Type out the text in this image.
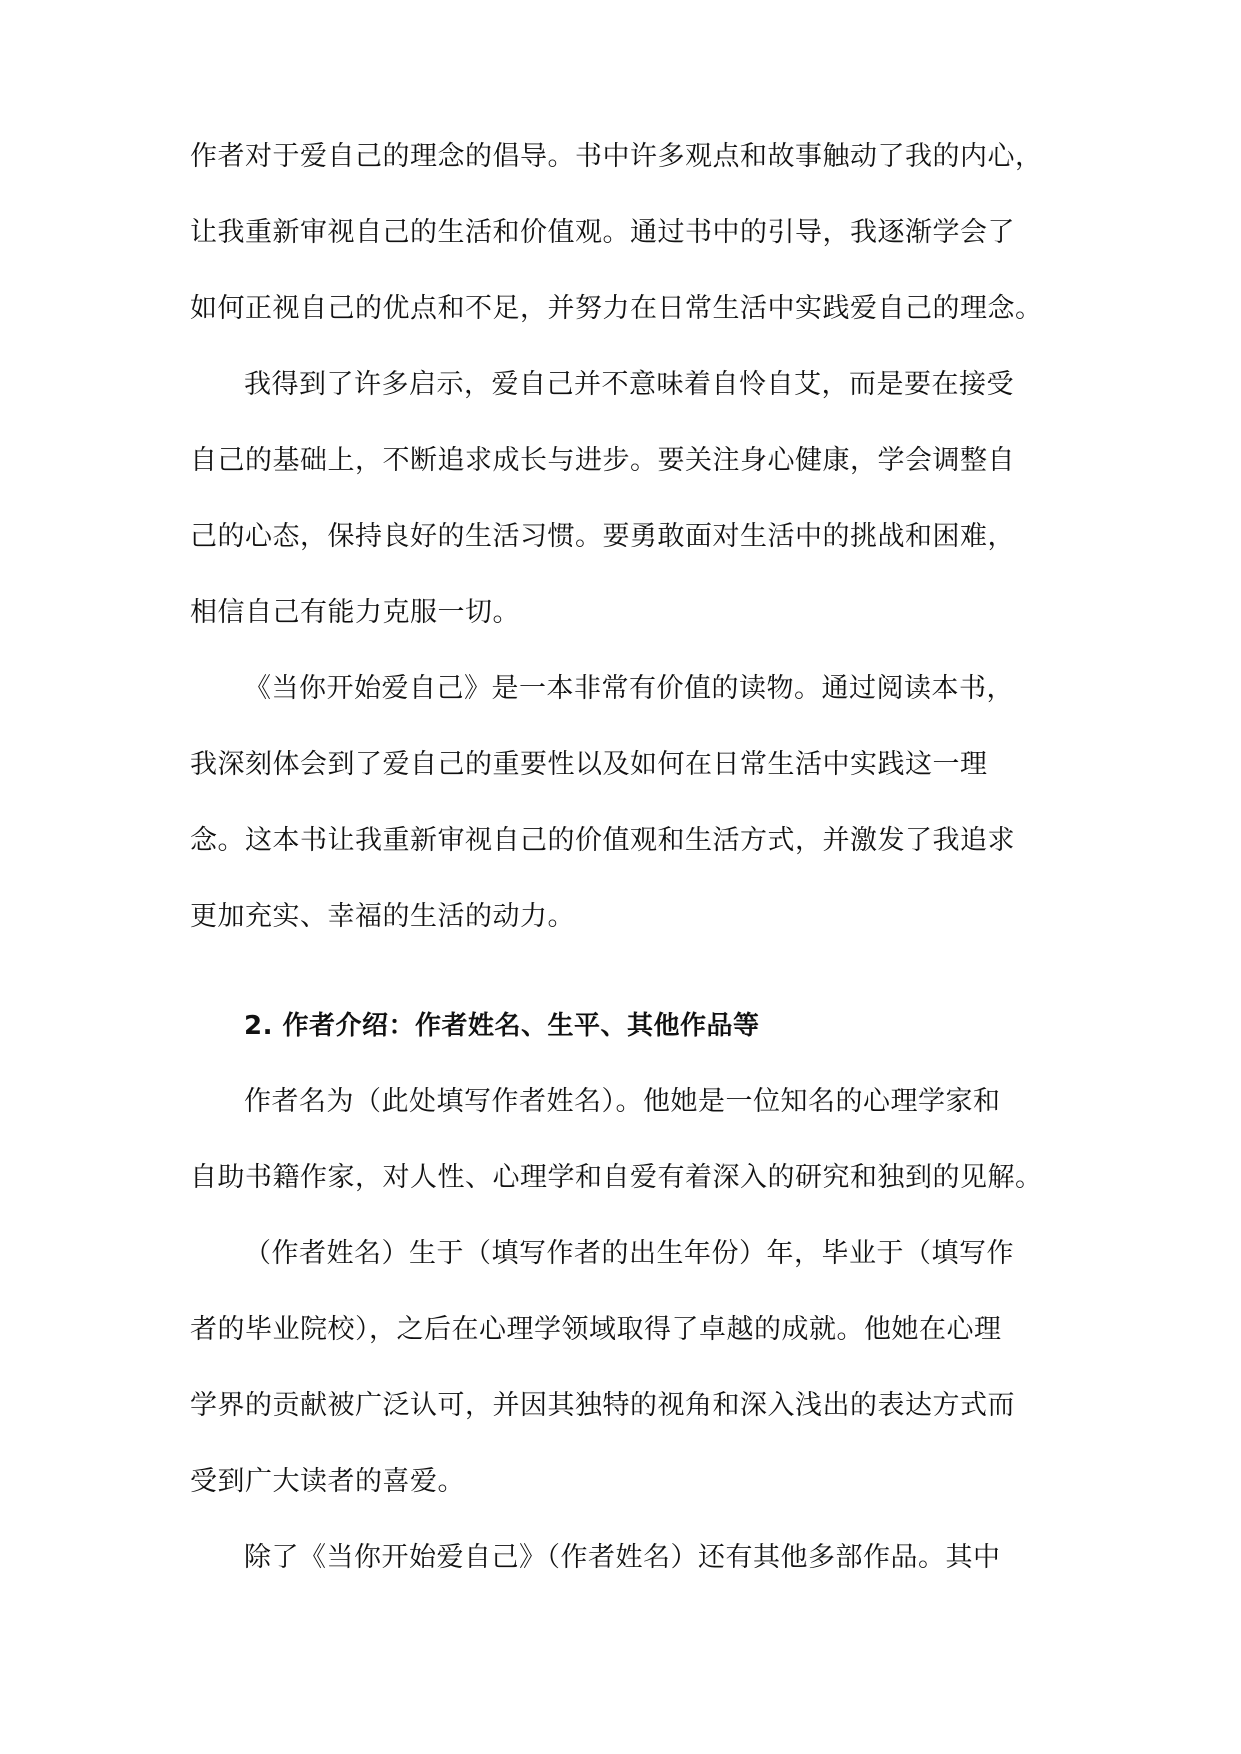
作者对于爱自己的理念的倡导。书中许多观点和故事触动了我的内心，
让我重新审视自己的生活和价值观。通过书中的引导，我逐渐学会了
如何正视自己的优点和不足，并努力在日常生活中实践爱自己的理念。
我得到了许多启示，爱自己并不意味着自怜自艾，而是要在接受
自己的基础上，不断追求成长与进步。要关注身心健康，学会调整自
己的心态，保持良好的生活习惯。要勇敢面对生活中的挑战和困难，
相信自己有能力克服一切。
《当你开始爱自己》是一本非常有价值的读物。通过阅读本书，
我深刻体会到了爱自己的重要性以及如何在日常生活中实践这一理
念。这本书让我重新审视自己的价值观和生活方式，并激发了我追求
更加充实、幸福的生活的动力。
2. 作者介绍：作者姓名、生平、其他作品等
作者名为（此处填写作者姓名）。他她是一位知名的心理学家和
自助书籍作家，对人性、心理学和自爱有着深入的研究和独到的见解。
（作者姓名）生于（填写作者的出生年份）年，毕业于（填写作
者的毕业院校），之后在心理学领域取得了卓越的成就。他她在心理
学界的贡献被广泛认可，并因其独特的视角和深入浅出的表达方式而
受到广大读者的喜爱。
除了《当你开始爱自己》（作者姓名）还有其他多部作品。其中
